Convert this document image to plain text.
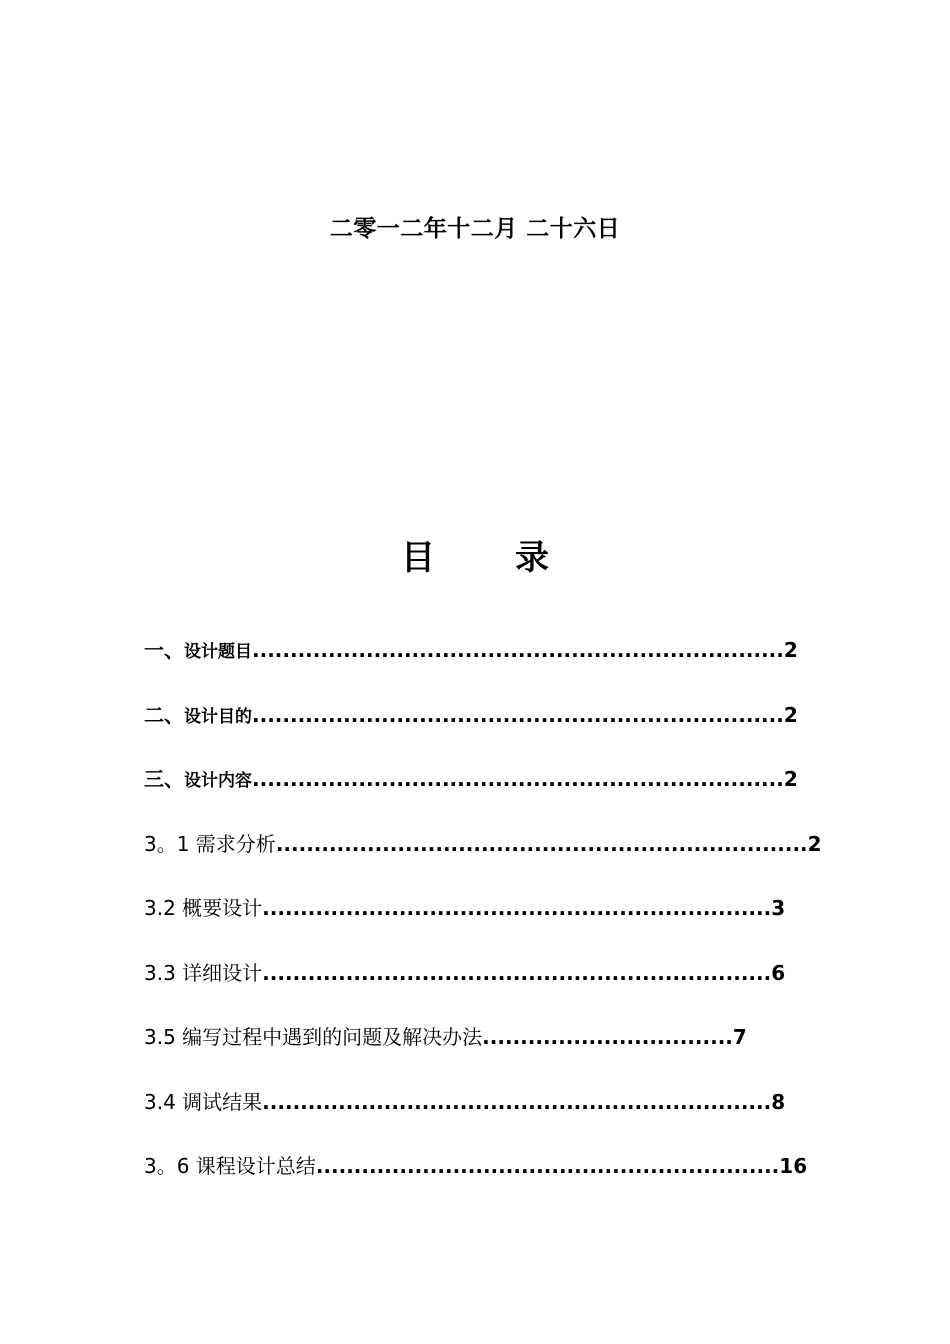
二零一二年十二月 二十六日
目 录
一、设计题目......................................................................2
二、设计目的......................................................................2
三、设计内容......................................................................2
3。1 需求分析......................................................................2
3.2 概要设计...................................................................3
3.3 详细设计...................................................................6
3.5 编写过程中遇到的问题及解决办法.................................7
3.4 调试结果...................................................................8
3。6 课程设计总结.............................................................16
